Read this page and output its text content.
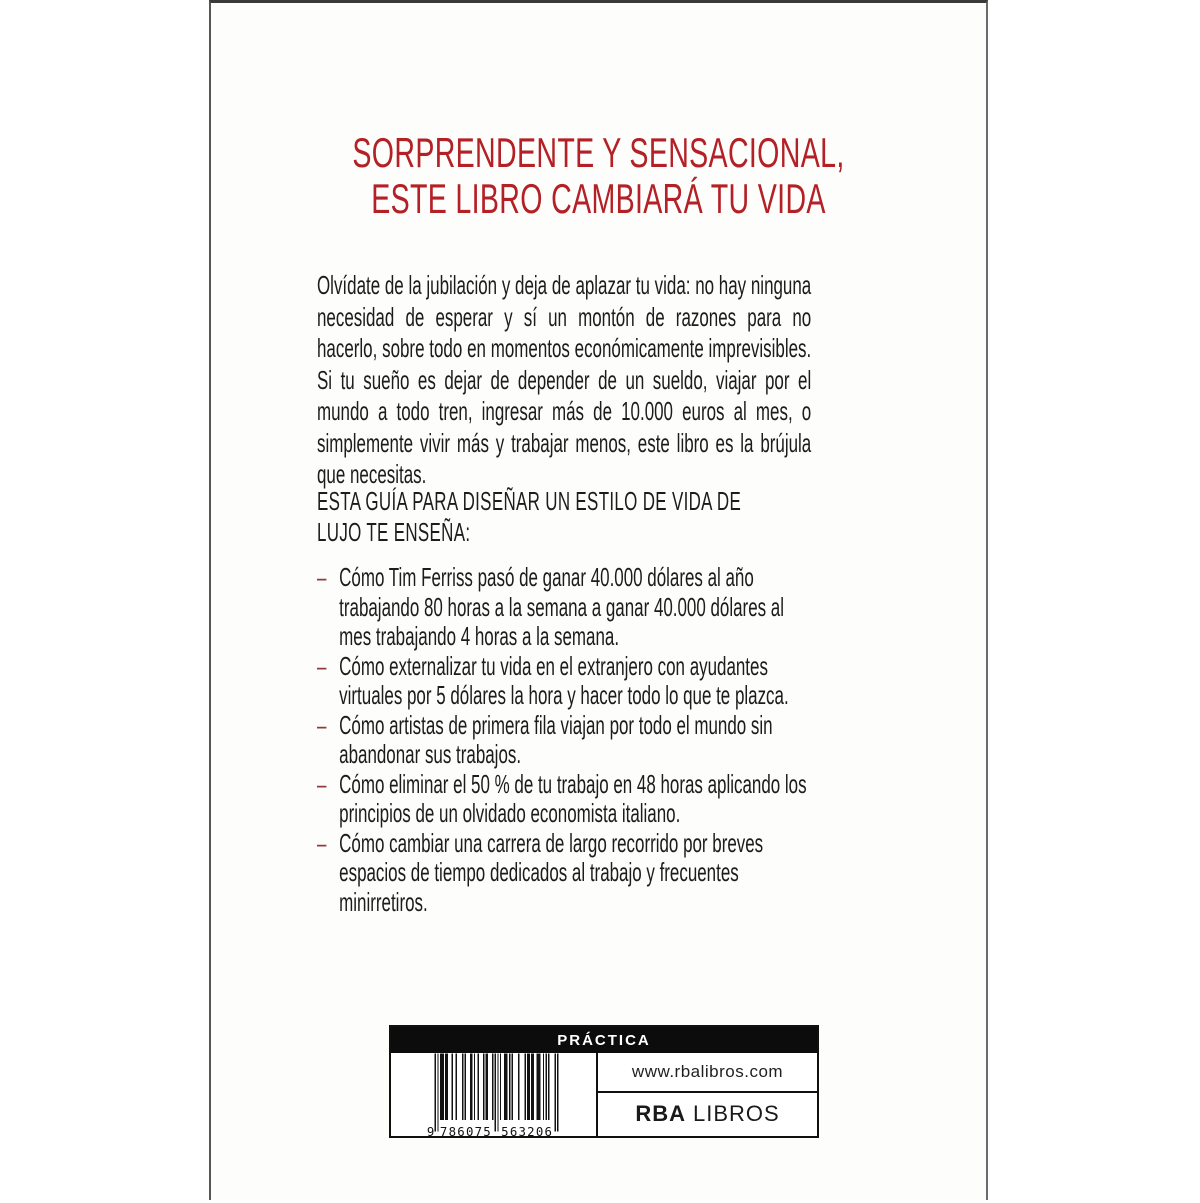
SORPRENDENTE Y SENSACIONAL,
ESTE LIBRO CAMBIARÁ TU VIDA

Olvídate de la jubilación y deja de aplazar tu vida: no hay ninguna necesidad de esperar y sí un montón de razones para no hacerlo, sobre todo en momentos económicamente imprevisibles. Si tu sueño es dejar de depender de un sueldo, viajar por el mundo a todo tren, ingresar más de 10.000 euros al mes, o simplemente vivir más y trabajar menos, este libro es la brújula que necesitas.

ESTA GUÍA PARA DISEÑAR UN ESTILO DE VIDA DE LUJO TE ENSEÑA:
– Cómo Tim Ferriss pasó de ganar 40.000 dólares al año trabajando 80 horas a la semana a ganar 40.000 dólares al mes trabajando 4 horas a la semana.
– Cómo externalizar tu vida en el extranjero con ayudantes virtuales por 5 dólares la hora y hacer todo lo que te plazca.
– Cómo artistas de primera fila viajan por todo el mundo sin abandonar sus trabajos.
– Cómo eliminar el 50 % de tu trabajo en 48 horas aplicando los principios de un olvidado economista italiano.
– Cómo cambiar una carrera de largo recorrido por breves espacios de tiempo dedicados al trabajo y frecuentes minirretiros.
PRÁCTICA
9 786075 563206
www.rbalibros.com
RBA LIBROS
